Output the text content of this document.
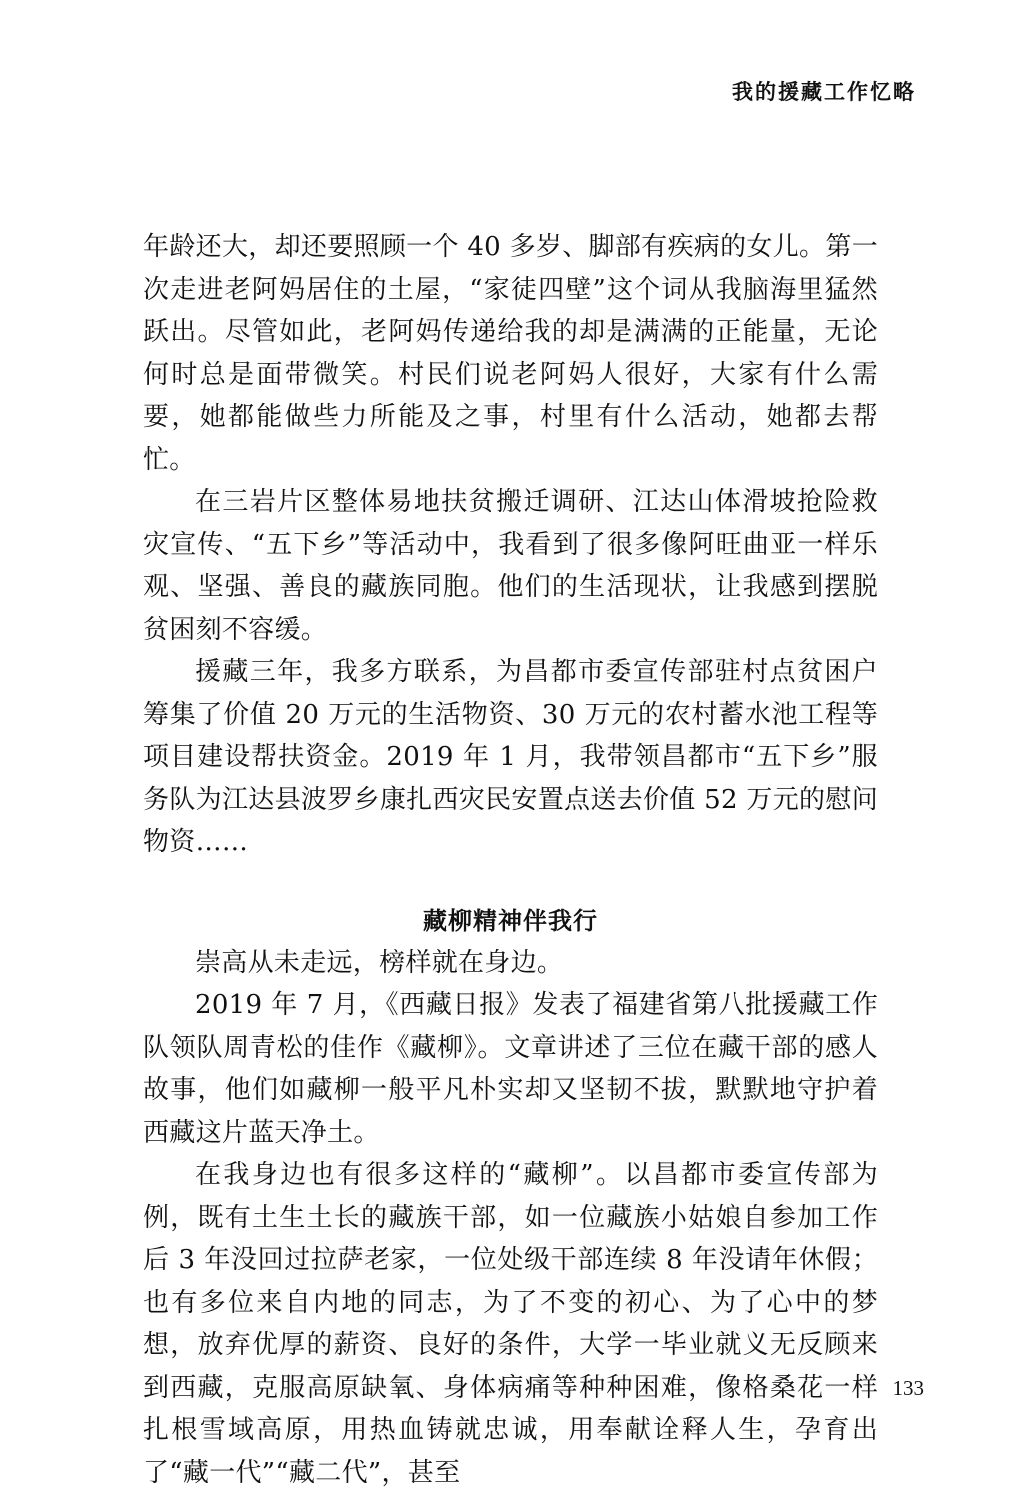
我的援藏工作忆略

年龄还大，却还要照顾一个 40 多岁、脚部有疾病的女儿。第一次走进老阿妈居住的土屋，“家徒四壁”这个词从我脑海里猛然跃出。尽管如此，老阿妈传递给我的却是满满的正能量，无论何时总是面带微笑。村民们说老阿妈人很好，大家有什么需要，她都能做些力所能及之事，村里有什么活动，她都去帮忙。

在三岩片区整体易地扶贫搬迁调研、江达山体滑坡抢险救灾宣传、“五下乡”等活动中，我看到了很多像阿旺曲亚一样乐观、坚强、善良的藏族同胞。他们的生活现状，让我感到摆脱贫困刻不容缓。

援藏三年，我多方联系，为昌都市委宣传部驻村点贫困户筹集了价值 20 万元的生活物资、30 万元的农村蓄水池工程等项目建设帮扶资金。2019 年 1 月，我带领昌都市“五下乡”服务队为江达县波罗乡康扎西灾民安置点送去价值 52 万元的慰问物资……

藏柳精神伴我行

崇高从未走远，榜样就在身边。

2019 年 7 月，《西藏日报》发表了福建省第八批援藏工作队领队周青松的佳作《藏柳》。文章讲述了三位在藏干部的感人故事，他们如藏柳一般平凡朴实却又坚韧不拔，默默地守护着西藏这片蓝天净土。

在我身边也有很多这样的“藏柳”。以昌都市委宣传部为例，既有土生土长的藏族干部，如一位藏族小姑娘自参加工作后 3 年没回过拉萨老家，一位处级干部连续 8 年没请年休假；也有多位来自内地的同志，为了不变的初心、为了心中的梦想，放弃优厚的薪资、良好的条件，大学一毕业就义无反顾来到西藏，克服高原缺氧、身体病痛等种种困难，像格桑花一样扎根雪域高原，用热血铸就忠诚，用奉献诠释人生，孕育出了“藏一代”“藏二代”，甚至

133
